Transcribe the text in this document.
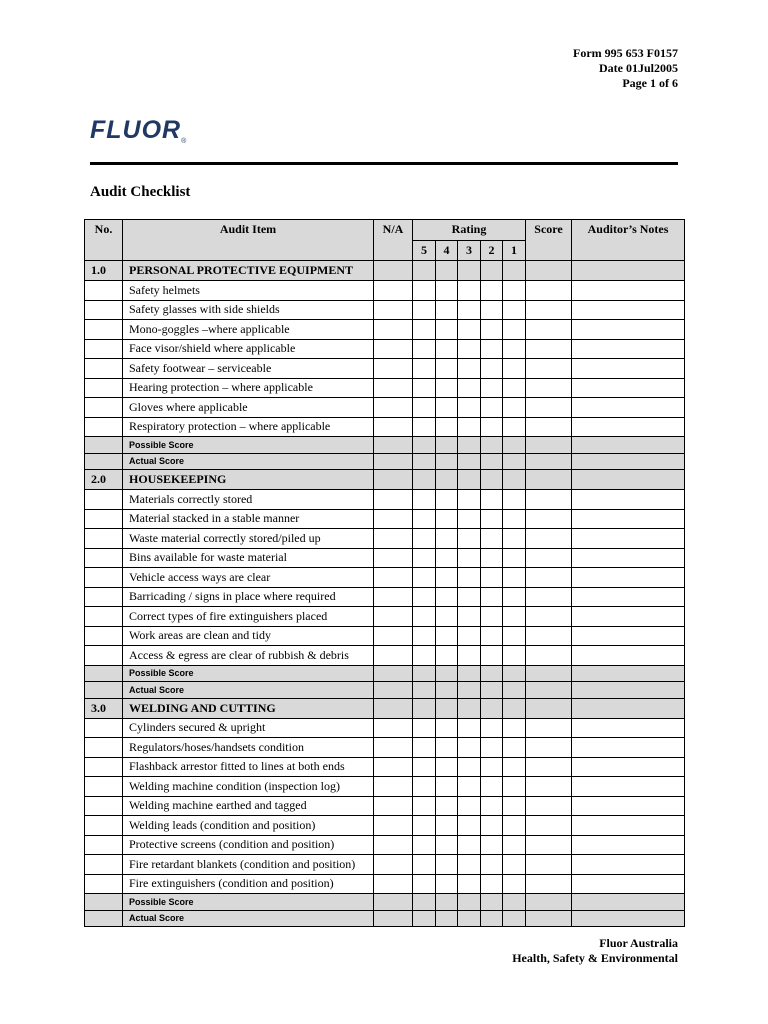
Form 995 653 F0157
Date 01Jul2005
Page 1 of 6
FLUOR®
Audit Checklist
No.	Audit Item	N/A	Rating					Score	Auditor’s Notes
			5	4	3	2	1		
1.0	PERSONAL PROTECTIVE EQUIPMENT								
	Safety helmets								
	Safety glasses with side shields								
	Mono-goggles –where applicable								
	Face visor/shield where applicable								
	Safety footwear – serviceable								
	Hearing protection – where applicable								
	Gloves where applicable								
	Respiratory protection – where applicable								
	Possible Score								
	Actual Score								
2.0	HOUSEKEEPING								
	Materials correctly stored								
	Material stacked in a stable manner								
	Waste material correctly stored/piled up								
	Bins available for waste material								
	Vehicle access ways are clear								
	Barricading / signs in place where required								
	Correct types of fire extinguishers placed								
	Work areas are clean and tidy								
	Access & egress are clear of rubbish & debris								
	Possible Score								
	Actual Score								
3.0	WELDING AND CUTTING								
	Cylinders secured & upright								
	Regulators/hoses/handsets condition								
	Flashback arrestor fitted to lines at both ends								
	Welding machine condition (inspection log)								
	Welding machine earthed and tagged								
	Welding leads (condition and position)								
	Protective screens (condition and position)								
	Fire retardant blankets (condition and position)								
	Fire extinguishers (condition and position)								
	Possible Score								
	Actual Score								
Fluor Australia
Health, Safety & Environmental
